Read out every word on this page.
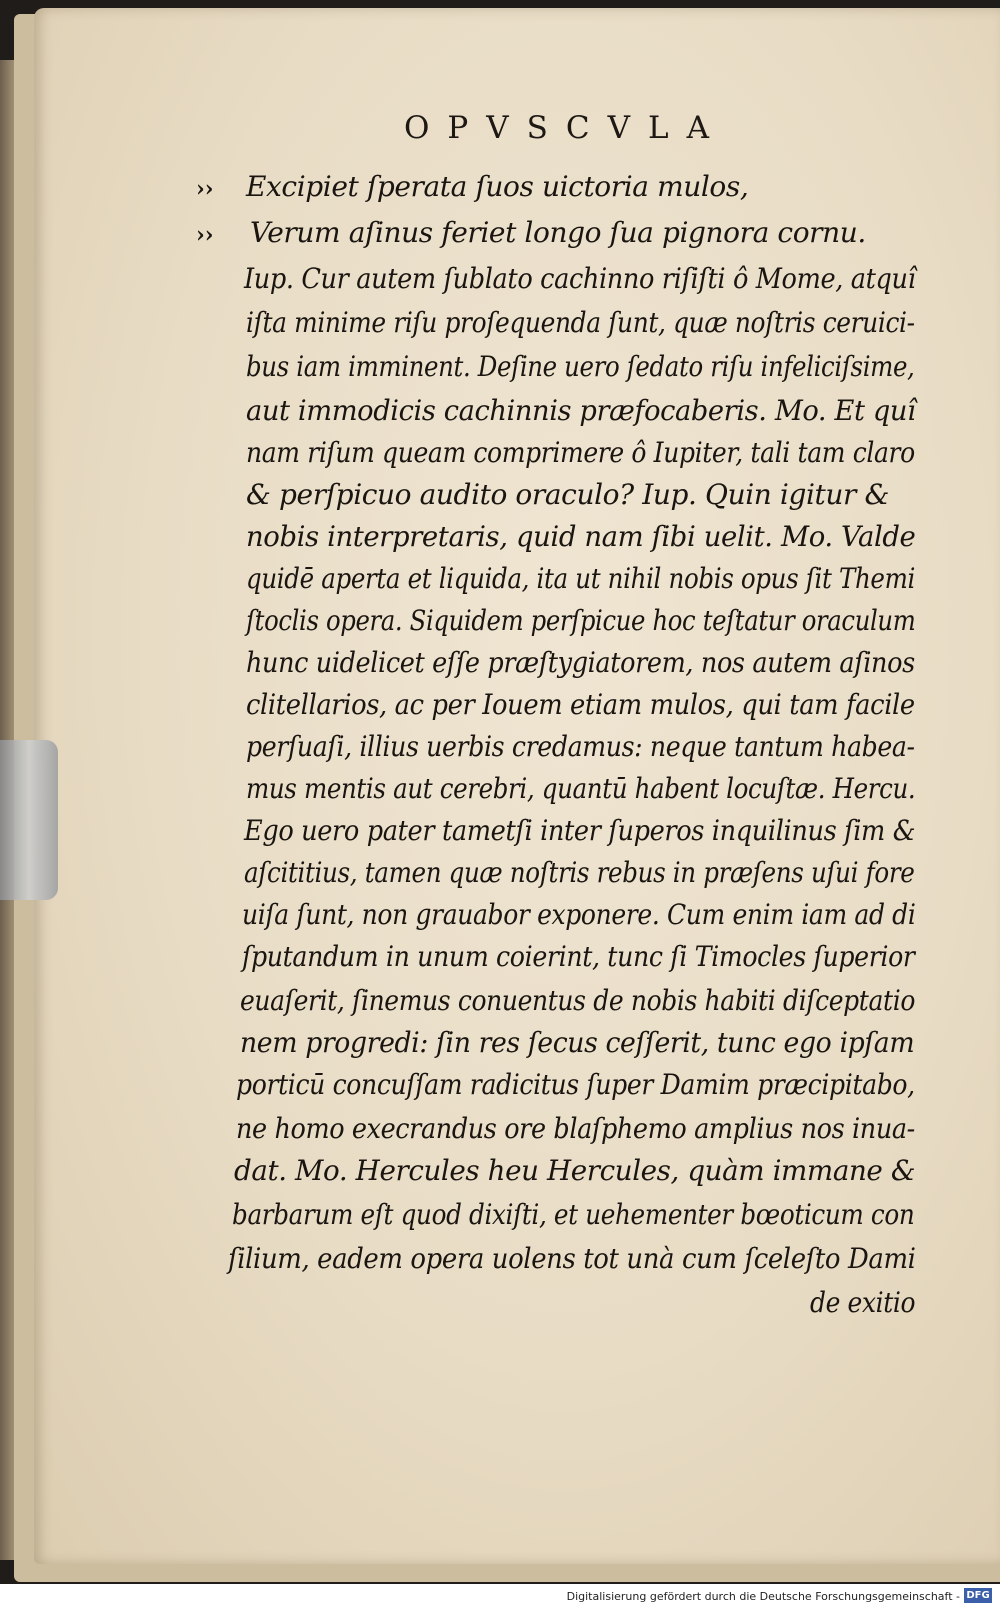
OPVSCVLA
››
››
Excipiet ſperata ſuos uictoria mulos,
Verum aſinus feriet longo ſua pignora cornu.
Iup. Cur autem ſublato cachinno riſiſti ô Mome, atquî
iſta minime riſu proſequenda ſunt, quæ noſtris ceruici-
bus iam imminent. Deſine uero ſedato riſu infeliciſsime,
aut immodicis cachinnis præfocaberis. Mo. Et quî
nam riſum queam comprimere ô Iupiter, tali tam claro
& perſpicuo audito oraculo? Iup. Quin igitur &
nobis interpretaris, quid nam ſibi uelit. Mo. Valde
quidē aperta et liquida, ita ut nihil nobis opus ſit Themi
ſtoclis opera. Siquidem perſpicue hoc teſtatur oraculum
hunc uidelicet eſſe præſtygiatorem, nos autem aſinos
clitellarios, ac per Iouem etiam mulos, qui tam facile
perſuaſi, illius uerbis credamus: neque tantum habea-
mus mentis aut cerebri, quantū habent locuſtæ. Hercu.
Ego uero pater tametſi inter ſuperos inquilinus ſim &
aſcititius, tamen quæ noſtris rebus in præſens uſui fore
uiſa ſunt, non grauabor exponere. Cum enim iam ad di
ſputandum in unum coierint, tunc ſi Timocles ſuperior
euaſerit, ſinemus conuentus de nobis habiti diſceptatio
nem progredi: ſin res ſecus ceſſerit, tunc ego ipſam
porticū concuſſam radicitus ſuper Damim præcipitabo,
ne homo execrandus ore blaſphemo amplius nos inua-
dat. Mo. Hercules heu Hercules, quàm immane &
barbarum eſt quod dixiſti, et uehementer bœoticum con
ſilium, eadem opera uolens tot unà cum ſceleſto Dami
de exitio
Digitalisierung gefördert durch die Deutsche Forschungsgemeinschaft - DFG
